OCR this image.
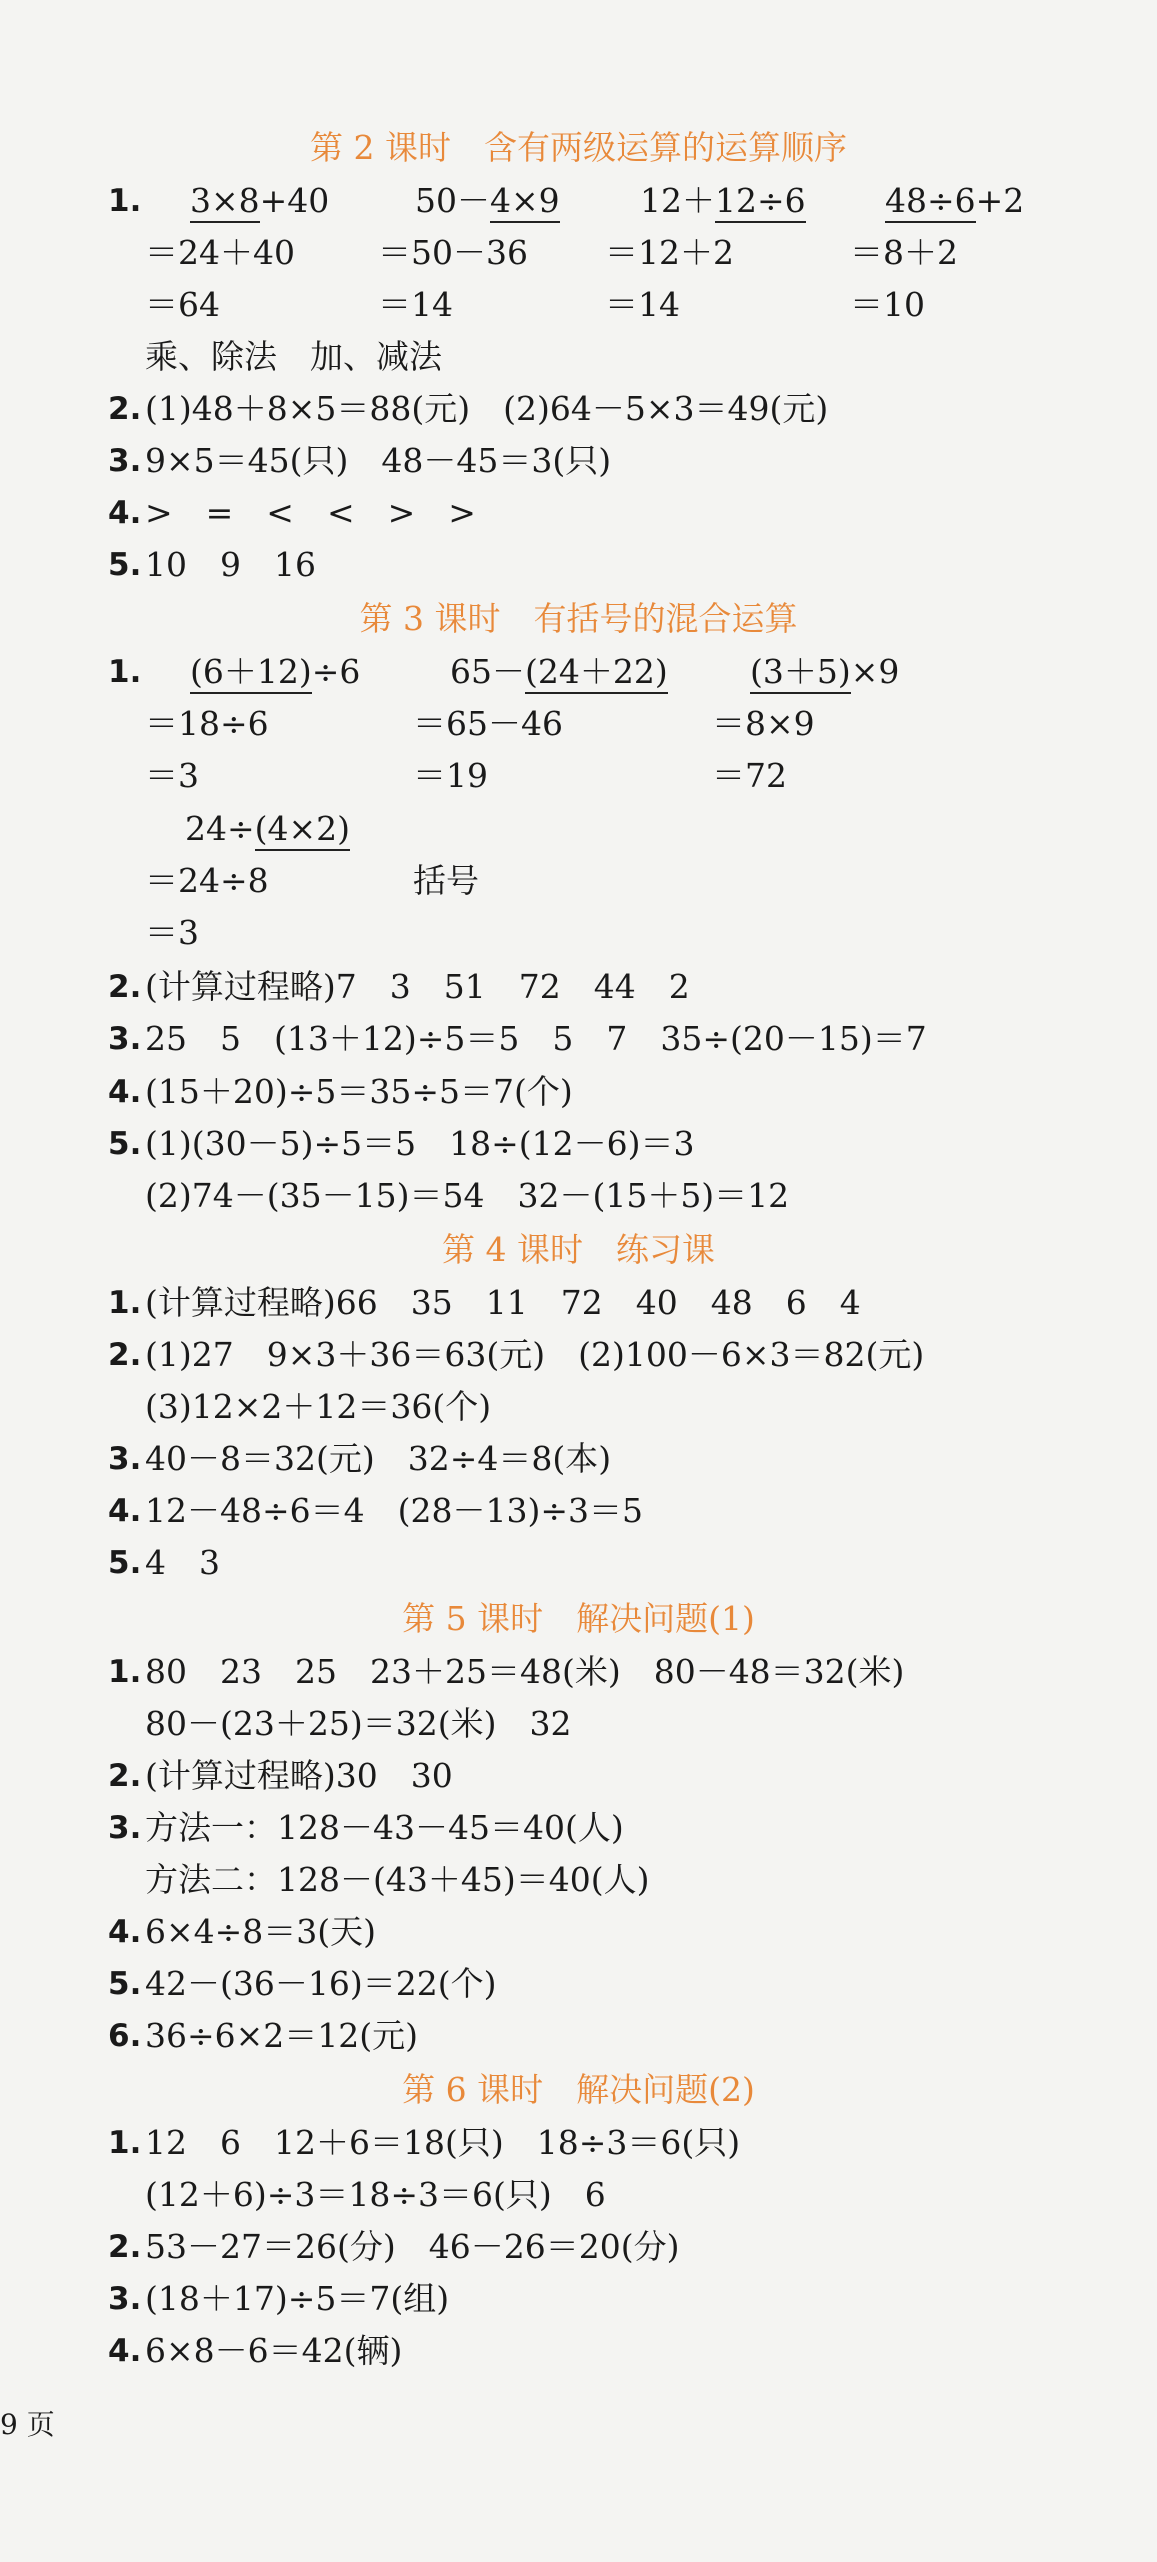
第 2 课时　含有两级运算的运算顺序
1. 3×8+40	50－4×9 12＋12÷6 48÷6+2
＝24＋40	＝50－36 ＝12＋2	＝8＋2
＝64	＝14	＝14	＝10
乘、除法　加、减法
2. (1)48＋8×5＝88(元)　(2)64－5×3＝49(元)
3. 9×5＝45(只)　48－45＝3(只)
4. >　=　<　<　>　>
5. 10　9　16
第 3 课时　有括号的混合运算
1. (6＋12)÷6	65－(24＋22) (3＋5)×9
＝18÷6	＝65－46	＝8×9
＝3	＝19	＝72
24÷(4×2)
＝24÷8	括号
＝3
2. (计算过程略)7　3　51　72　44　2
3. 25　5　(13＋12)÷5＝5　5　7　35÷(20－15)＝7
4. (15＋20)÷5＝35÷5＝7(个)
5. (1)(30－5)÷5＝5　18÷(12－6)＝3
(2)74－(35－15)＝54　32－(15＋5)＝12
第 4 课时　练习课
1. (计算过程略)66　35　11　72　40　48　6　4
2. (1)27　9×3＋36＝63(元)　(2)100－6×3＝82(元)
(3)12×2＋12＝36(个)
3. 40－8＝32(元)　32÷4＝8(本)
4. 12－48÷6＝4　(28－13)÷3＝5
5. 4　3
第 5 课时　解决问题(1)
1. 80　23　25　23＋25＝48(米)　80－48＝32(米)
80－(23＋25)＝32(米)　32
2. (计算过程略)30　30
3. 方法一：128－43－45＝40(人)
方法二：128－(43＋45)＝40(人)
4. 6×4÷8＝3(天)
5. 42－(36－16)＝22(个)
6. 36÷6×2＝12(元)
第 6 课时　解决问题(2)
1. 12　6　12＋6＝18(只)　18÷3＝6(只)
(12＋6)÷3＝18÷3＝6(只)　6
2. 53－27＝26(分)　46－26＝20(分)
3. (18＋17)÷5＝7(组)
4. 6×8－6＝42(辆)
9 页
